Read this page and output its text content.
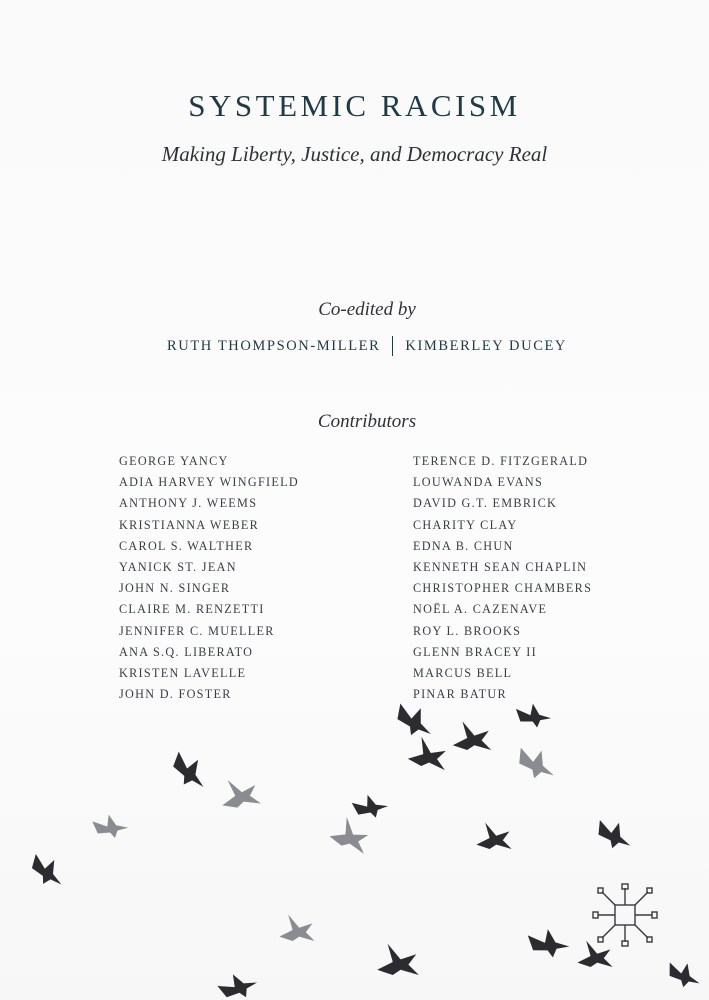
SYSTEMIC RACISM
Making Liberty, Justice, and Democracy Real
Co-edited by
RUTH THOMPSON-MILLER KIMBERLEY DUCEY
Contributors
GEORGE YANCY
ADIA HARVEY WINGFIELD
ANTHONY J. WEEMS
KRISTIANNA WEBER
CAROL S. WALTHER
YANICK ST. JEAN
JOHN N. SINGER
CLAIRE M. RENZETTI
JENNIFER C. MUELLER
ANA S.Q. LIBERATO
KRISTEN LAVELLE
JOHN D. FOSTER
TERENCE D. FITZGERALD
LOUWANDA EVANS
DAVID G.T. EMBRICK
CHARITY CLAY
EDNA B. CHUN
KENNETH SEAN CHAPLIN
CHRISTOPHER CHAMBERS
NOËL A. CAZENAVE
ROY L. BROOKS
GLENN BRACEY II
MARCUS BELL
PINAR BATUR
